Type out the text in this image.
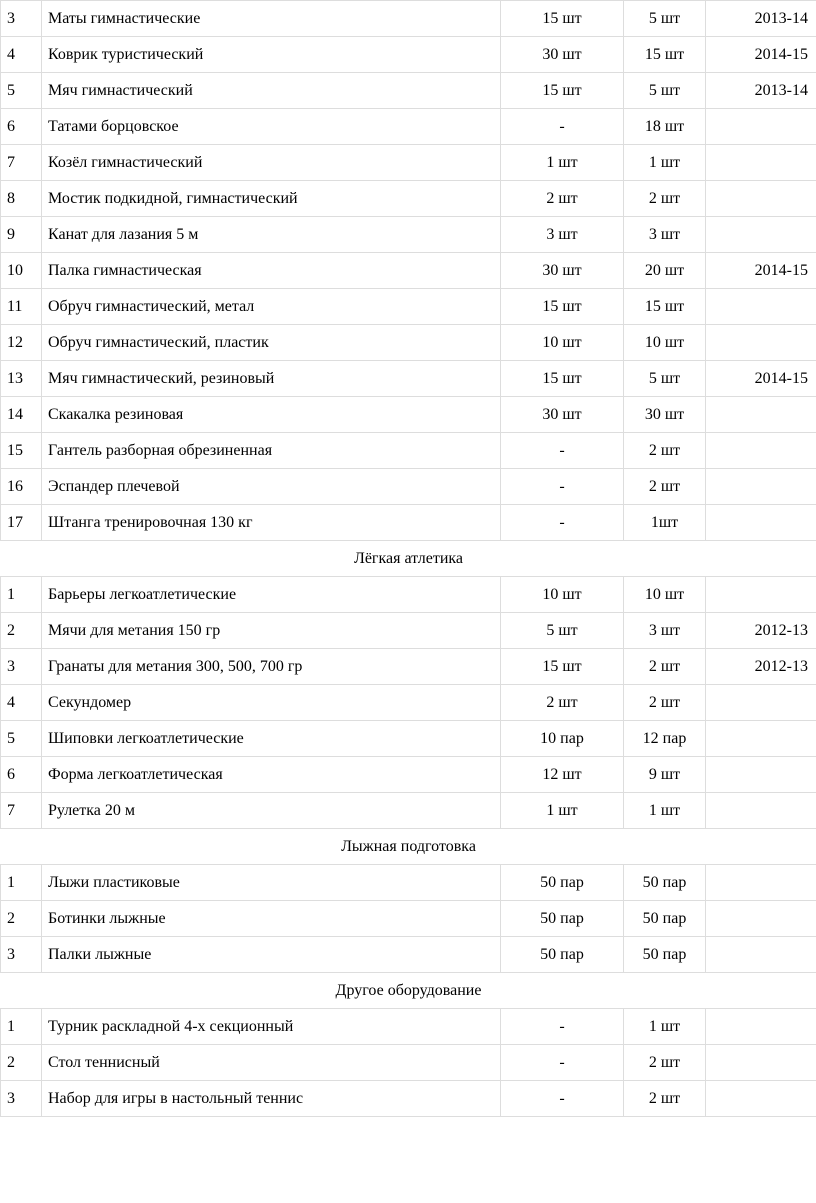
3	Маты гимнастические	15 шт	5 шт	2013-14
4	Коврик туристический	30 шт	15 шт	2014-15
5	Мяч гимнастический	15 шт	5 шт	2013-14
6	Татами борцовское	-	18 шт	
7	Козёл гимнастический	1 шт	1 шт	
8	Мостик подкидной, гимнастический	2 шт	2 шт	
9	Канат для лазания 5 м	3 шт	3 шт	
10	Палка гимнастическая	30 шт	20 шт	2014-15
11	Обруч гимнастический, метал	15 шт	15 шт	
12	Обруч гимнастический, пластик	10 шт	10 шт	
13	Мяч гимнастический, резиновый	15 шт	5 шт	2014-15
14	Скакалка резиновая	30 шт	30 шт	
15	Гантель разборная обрезиненная	-	2 шт	
16	Эспандер плечевой	-	2 шт	
17	Штанга тренировочная 130 кг	-	1шт	
Лёгкая атлетика				
1	Барьеры легкоатлетические	10 шт	10 шт	
2	Мячи для метания 150 гр	5 шт	3 шт	2012-13
3	Гранаты для метания 300, 500, 700 гр	15 шт	2 шт	2012-13
4	Секундомер	2 шт	2 шт	
5	Шиповки легкоатлетические	10 пар	12 пар	
6	Форма легкоатлетическая	12 шт	9 шт	
7	Рулетка 20 м	1 шт	1 шт	
Лыжная подготовка				
1	Лыжи пластиковые	50 пар	50 пар	
2	Ботинки лыжные	50 пар	50 пар	
3	Палки лыжные	50 пар	50 пар	
Другое оборудование				
1	Турник раскладной 4-х секционный	-	1 шт	
2	Стол теннисный	-	2 шт	
3	Набор для игры в настольный теннис	-	2 шт	
